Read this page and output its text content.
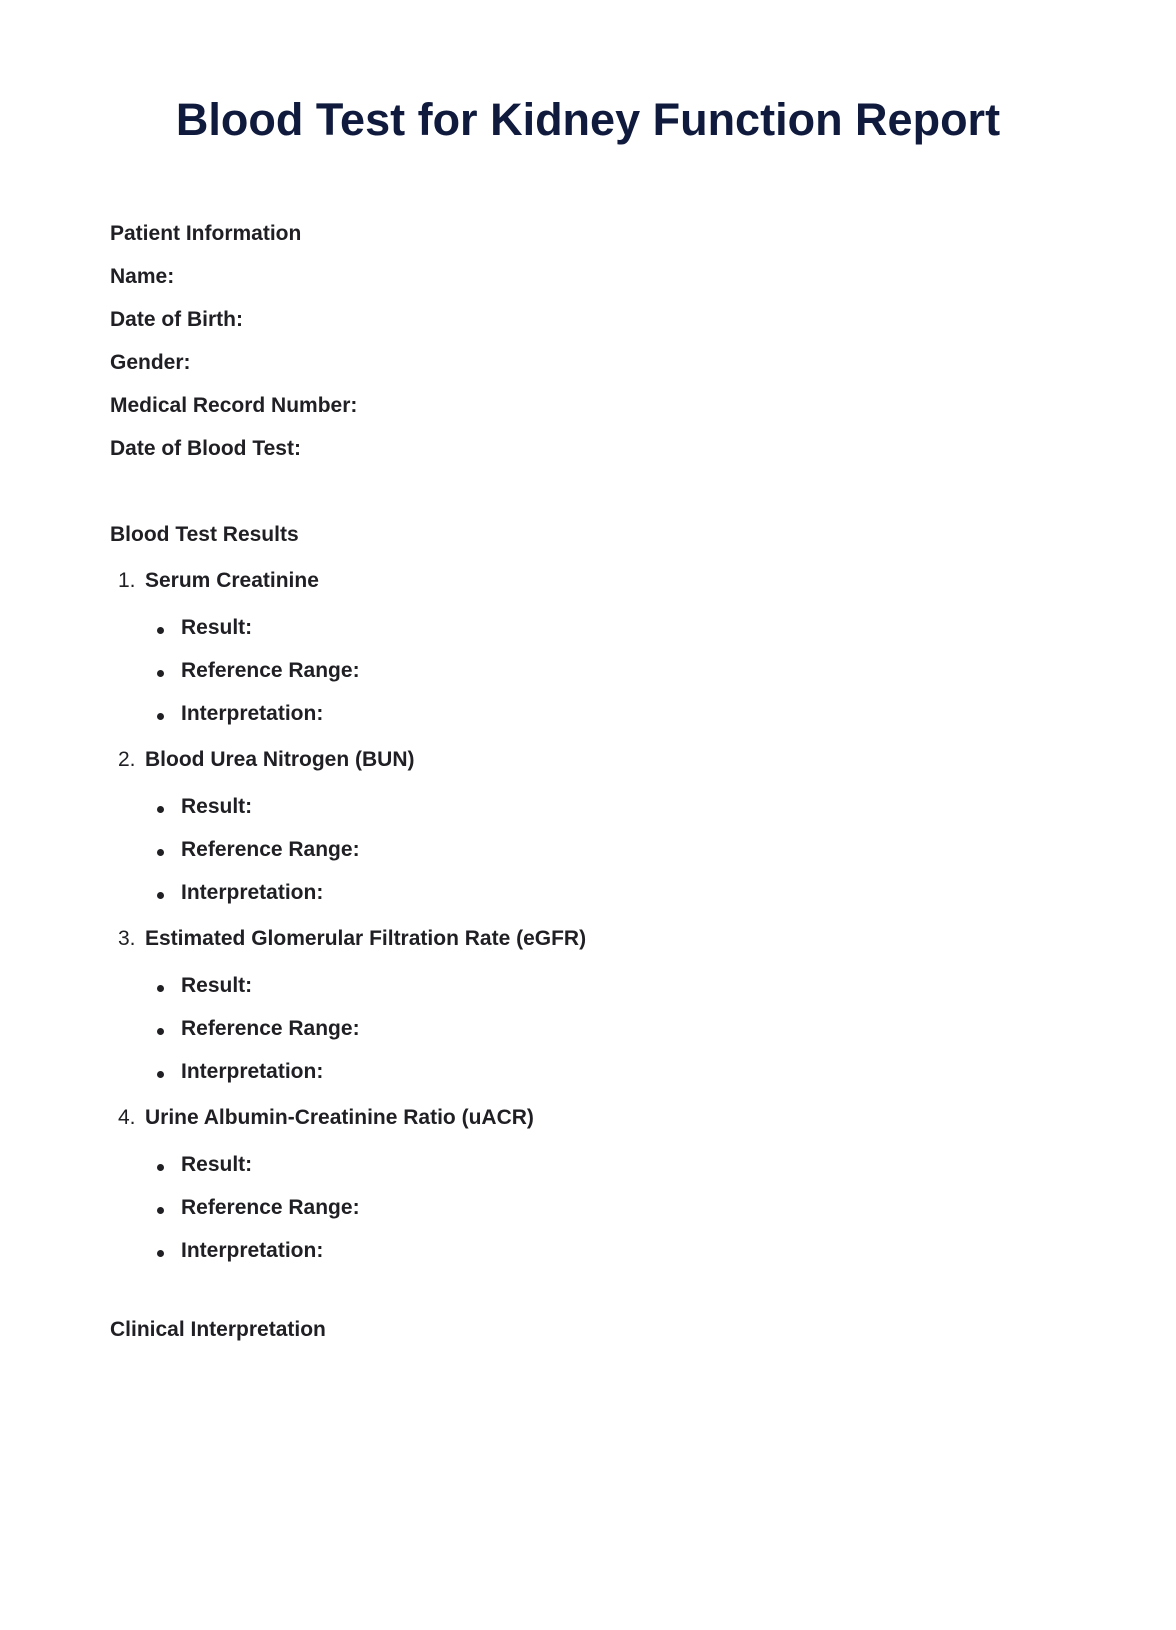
Blood Test for Kidney Function Report
Patient Information
Name:
Date of Birth:
Gender:
Medical Record Number:
Date of Blood Test:
Blood Test Results
1. Serum Creatinine
Result:
Reference Range:
Interpretation:
2. Blood Urea Nitrogen (BUN)
Result:
Reference Range:
Interpretation:
3. Estimated Glomerular Filtration Rate (eGFR)
Result:
Reference Range:
Interpretation:
4. Urine Albumin-Creatinine Ratio (uACR)
Result:
Reference Range:
Interpretation:
Clinical Interpretation
